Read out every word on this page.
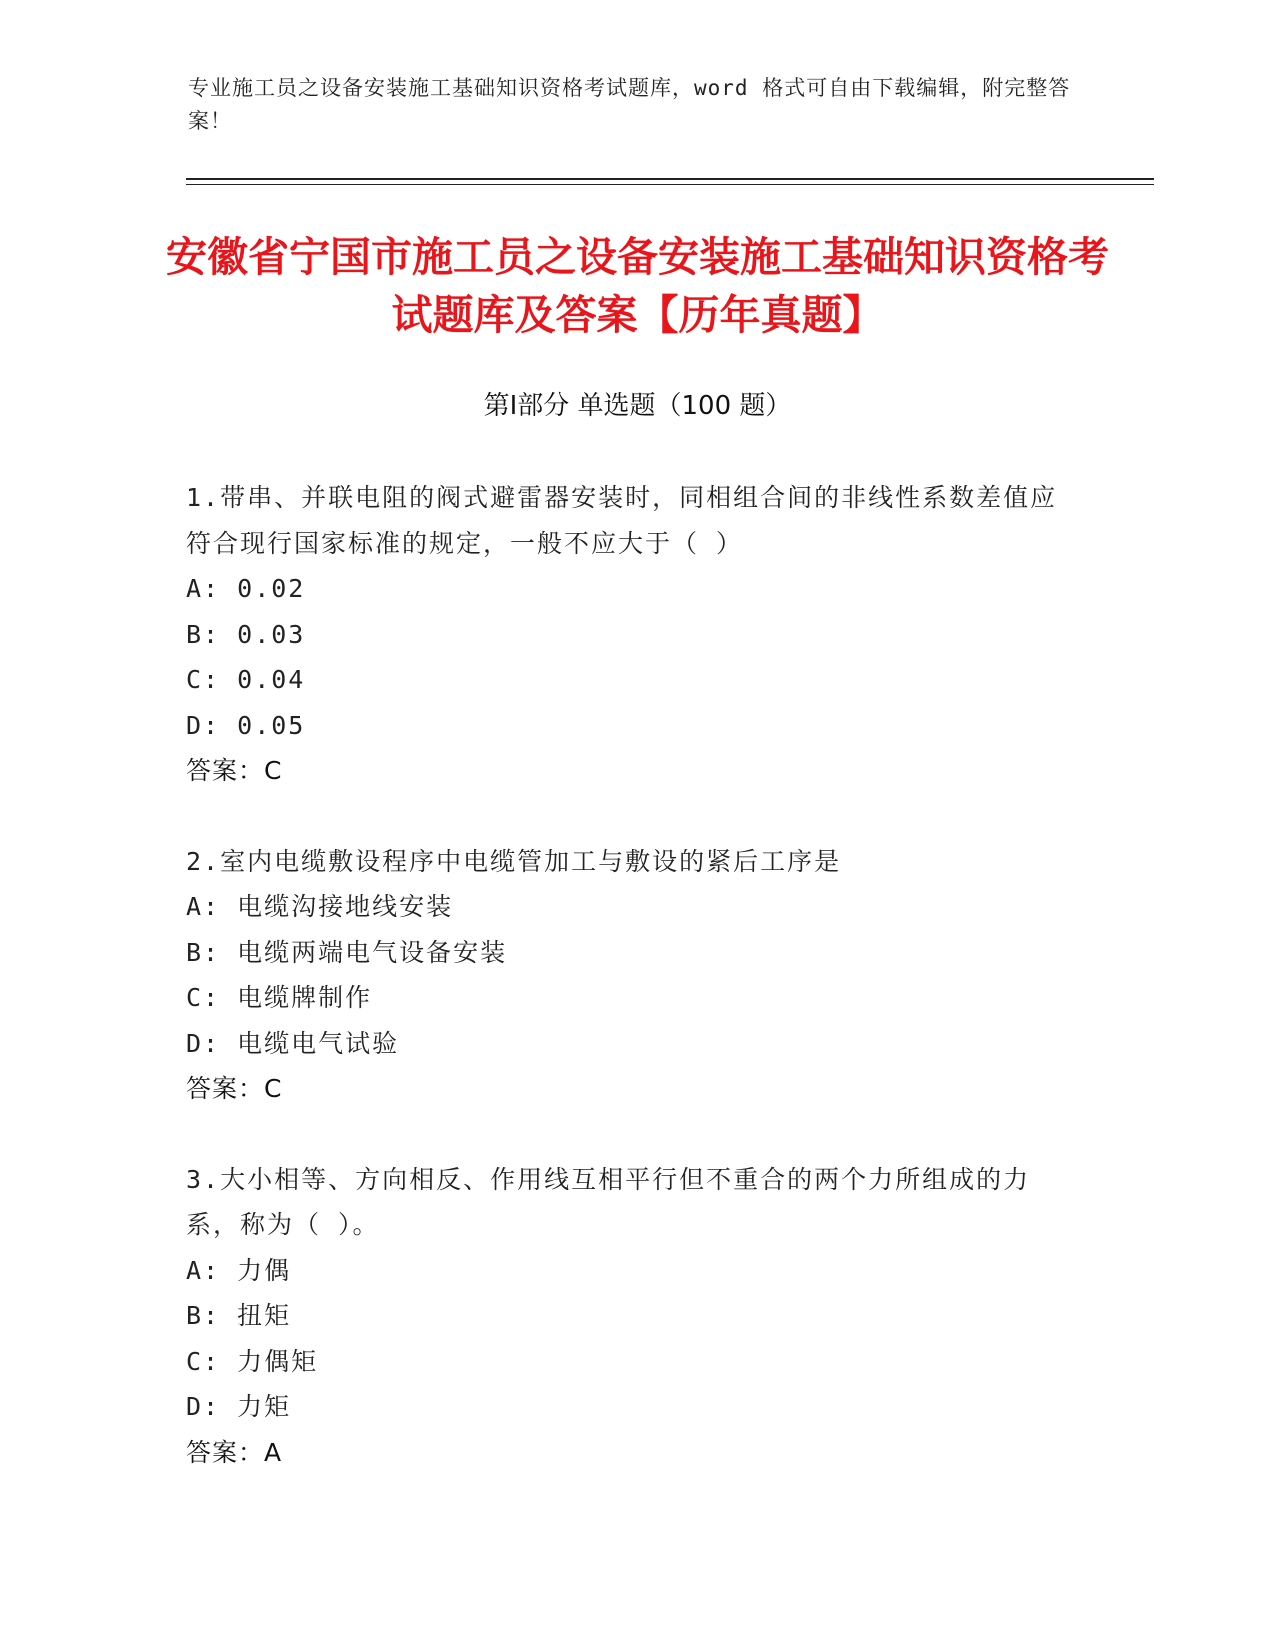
专业施工员之设备安装施工基础知识资格考试题库，word 格式可自由下载编辑，附完整答案！
安徽省宁国市施工员之设备安装施工基础知识资格考试题库及答案【历年真题】
第Ⅰ部分 单选题（100 题）

1.带串、并联电阻的阀式避雷器安装时，同相组合间的非线性系数差值应符合现行国家标准的规定，一般不应大于（ ）

A: 0.02

B: 0.03

C: 0.04

D: 0.05

答案：C

2.室内电缆敷设程序中电缆管加工与敷设的紧后工序是

A: 电缆沟接地线安装

B: 电缆两端电气设备安装

C: 电缆牌制作

D: 电缆电气试验

答案：C

3.大小相等、方向相反、作用线互相平行但不重合的两个力所组成的力系，称为（ ）。

A: 力偶

B: 扭矩

C: 力偶矩

D: 力矩

答案：A
